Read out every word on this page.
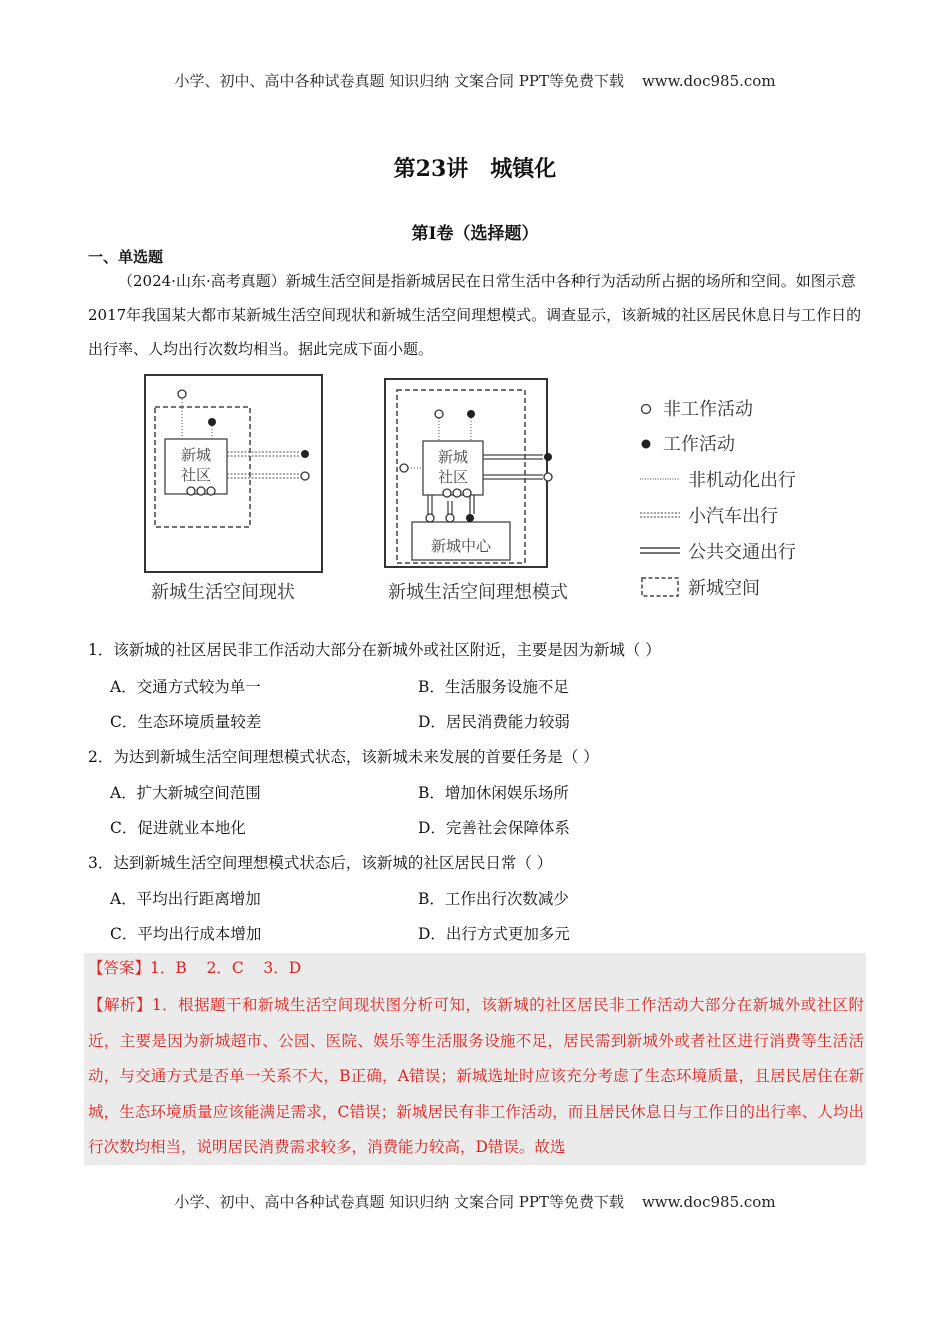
小学、初中、高中各种试卷真题 知识归纳 文案合同 PPT等免费下载 www.doc985.com
第23讲 城镇化
第I卷（选择题）
一、单选题
（2024·山东·高考真题）新城生活空间是指新城居民在日常生活中各种行为活动所占据的场所和空间。如图示意2017年我国某大都市某新城生活空间现状和新城生活空间理想模式。调查显示，该新城的社区居民休息日与工作日的出行率、人均出行次数均相当。据此完成下面小题。
新城
社区
新城生活空间现状
新城
社区
新城中心
新城生活空间理想模式
非工作活动
工作活动
非机动化出行
小汽车出行
公共交通出行
新城空间
1．该新城的社区居民非工作活动大部分在新城外或社区附近，主要是因为新城（ ）
A．交通方式较为单一	B．生活服务设施不足
C．生态环境质量较差	D．居民消费能力较弱
2．为达到新城生活空间理想模式状态，该新城未来发展的首要任务是（ ）
A．扩大新城空间范围	B．增加休闲娱乐场所
C．促进就业本地化	D．完善社会保障体系
3．达到新城生活空间理想模式状态后，该新城的社区居民日常（ ）
A．平均出行距离增加	B．工作出行次数减少
C．平均出行成本增加	D．出行方式更加多元
【答案】1．B    2．C    3．D
【解析】1．根据题干和新城生活空间现状图分析可知，该新城的社区居民非工作活动大部分在新城外或社区附近，主要是因为新城超市、公园、医院、娱乐等生活服务设施不足，居民需到新城外或者社区进行消费等生活活动，与交通方式是否单一关系不大，B正确，A错误；新城选址时应该充分考虑了生态环境质量，且居民居住在新城，生态环境质量应该能满足需求，C错误；新城居民有非工作活动，而且居民休息日与工作日的出行率、人均出行次数均相当，说明居民消费需求较多，消费能力较高，D错误。故选
小学、初中、高中各种试卷真题 知识归纳 文案合同 PPT等免费下载 www.doc985.com
